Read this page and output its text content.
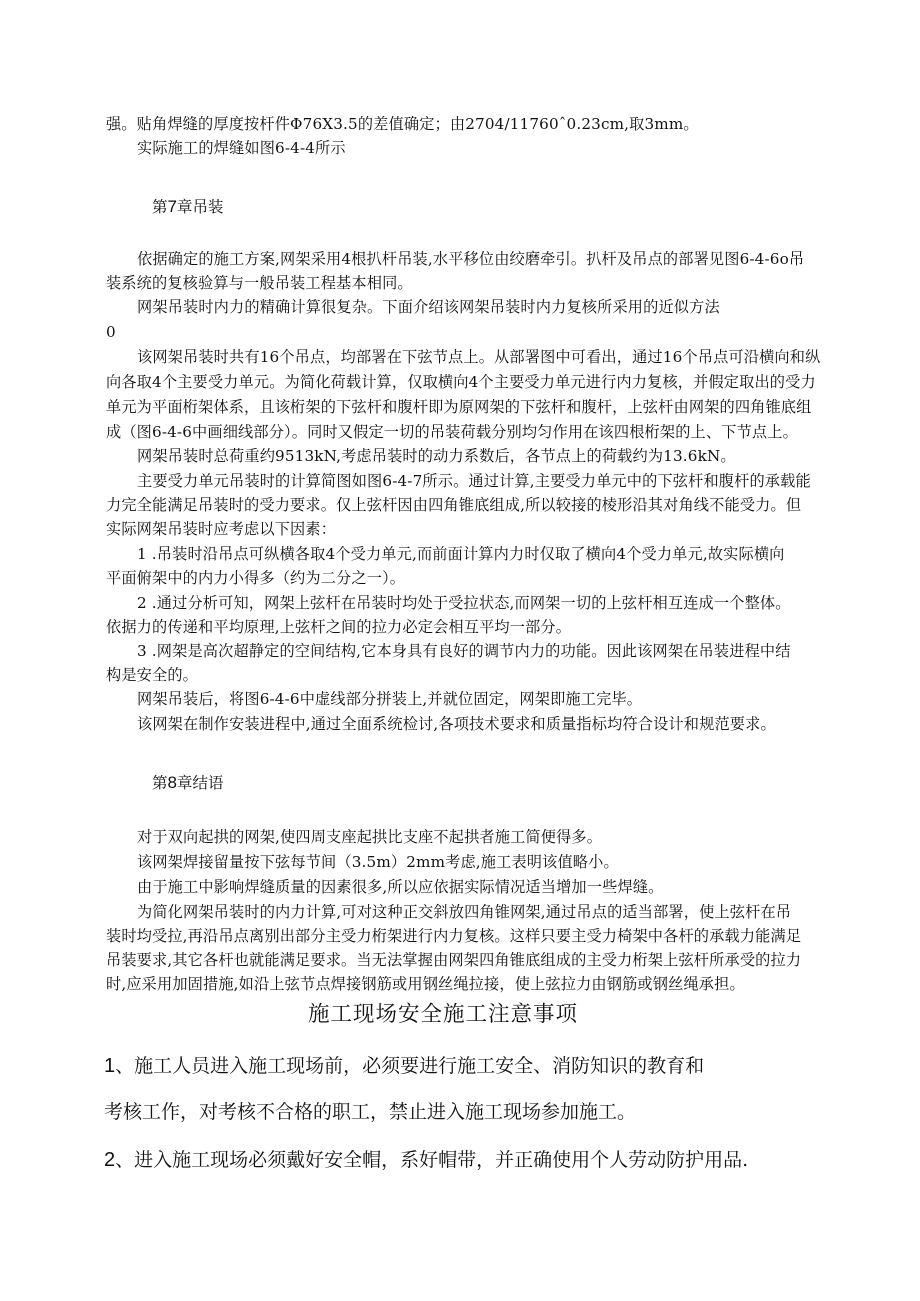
强。贴角焊缝的厚度按杆件Φ76X3.5的差值确定；由2704/11760ˆ0.23cm,取3mm。
实际施工的焊缝如图6-4-4所示
第7章吊装
依据确定的施工方案,网架采用4根扒杆吊装,水平移位由绞磨牵引。扒杆及吊点的部署见图6-4-6o吊
装系统的复核验算与一般吊装工程基本相同。
网架吊装时内力的精确计算很复杂。下面介绍该网架吊装时内力复核所采用的近似方法
0
该网架吊装时共有16个吊点，均部署在下弦节点上。从部署图中可看出，通过16个吊点可沿横向和纵
向各取4个主要受力单元。为简化荷载计算，仅取横向4个主要受力单元进行内力复核，并假定取出的受力
单元为平面桁架体系，且该桁架的下弦杆和腹杆即为原网架的下弦杆和腹杆，上弦杆由网架的四角锥底组
成（图6-4-6中画细线部分）。同时又假定一切的吊装荷载分别均匀作用在该四根桁架的上、下节点上。
网架吊装时总荷重约9513kN,考虑吊装时的动力系数后，各节点上的荷载约为13.6kN。
主要受力单元吊装时的计算简图如图6-4-7所示。通过计算,主要受力单元中的下弦杆和腹杆的承载能
力完全能满足吊装时的受力要求。仅上弦杆因由四角锥底组成,所以较接的棱形沿其对角线不能受力。但
实际网架吊装时应考虑以下因素：
1 .吊装时沿吊点可纵横各取4个受力单元,而前面计算内力时仅取了横向4个受力单元,故实际横向
平面俯架中的内力小得多（约为二分之一）。
2 .通过分析可知，网架上弦杆在吊装时均处于受拉状态,而网架一切的上弦杆相互连成一个整体。
依据力的传递和平均原理,上弦杆之间的拉力必定会相互平均一部分。
3 .网架是高次超静定的空间结构,它本身具有良好的调节内力的功能。因此该网架在吊装进程中结
构是安全的。
网架吊装后，将图6-4-6中虚线部分拼装上,并就位固定，网架即施工完毕。
该网架在制作安装进程中,通过全面系统检讨,各项技术要求和质量指标均符合设计和规范要求。
第8章结语
对于双向起拱的网架,使四周支座起拱比支座不起拱者施工简便得多。
该网架焊接留量按下弦每节间（3.5m）2mm考虑,施工表明该值略小。
由于施工中影响焊缝质量的因素很多,所以应依据实际情况适当增加一些焊缝。
为简化网架吊装时的内力计算,可对这种正交斜放四角锥网架,通过吊点的适当部署，使上弦杆在吊
装时均受拉,再沿吊点离别出部分主受力桁架进行内力复核。这样只要主受力椅架中各杆的承载力能满足
吊装要求,其它各杆也就能满足要求。当无法掌握由网架四角锥底组成的主受力桁架上弦杆所承受的拉力
时,应采用加固措施,如沿上弦节点焊接钢筋或用钢丝绳拉接，使上弦拉力由钢筋或钢丝绳承担。
施工现场安全施工注意事项
1、施工人员进入施工现场前，必须要进行施工安全、消防知识的教育和
考核工作，对考核不合格的职工，禁止进入施工现场参加施工。
2、进入施工现场必须戴好安全帽，系好帽带，并正确使用个人劳动防护用品.
